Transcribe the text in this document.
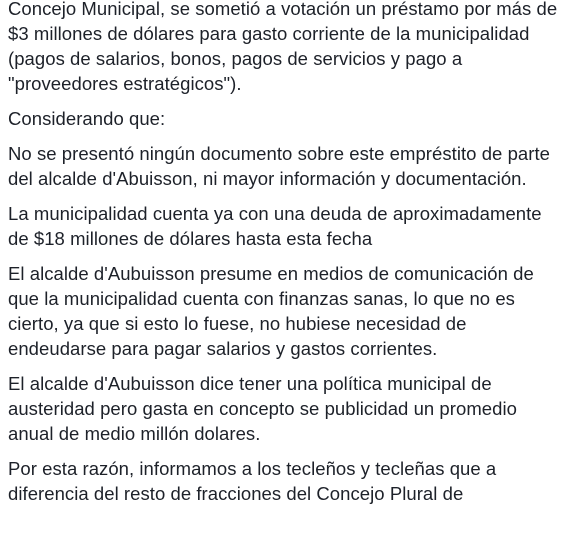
Concejo Municipal, se sometió a votación un préstamo por más de $3 millones de dólares para gasto corriente de la municipalidad (pagos de salarios, bonos, pagos de servicios y pago a "proveedores estratégicos").

Considerando que:

No se presentó ningún documento sobre este empréstito de parte del alcalde d'Abuisson, ni mayor información y documentación.

La municipalidad cuenta ya con una deuda de aproximadamente de $18 millones de dólares hasta esta fecha

El alcalde d'Aubuisson presume en medios de comunicación de que la municipalidad cuenta con finanzas sanas, lo que no es cierto, ya que si esto lo fuese, no hubiese necesidad de endeudarse para pagar salarios y gastos corrientes.

El alcalde d'Aubuisson dice tener una política municipal de austeridad pero gasta en concepto se publicidad un promedio anual de medio millón dolares.

Por esta razón, informamos a los tecleños y tecleñas que a diferencia del resto de fracciones del Concejo Plural de
